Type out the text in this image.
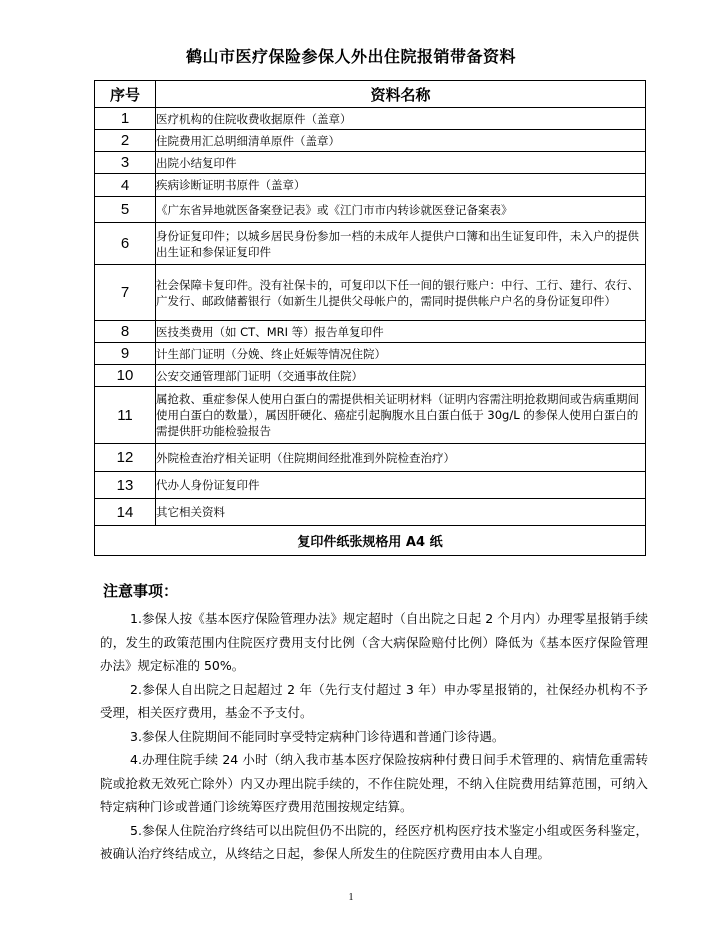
鹤山市医疗保险参保人外出住院报销带备资料
序号	资料名称
1	医疗机构的住院收费收据原件（盖章）
2	住院费用汇总明细清单原件（盖章）
3	出院小结复印件
4	疾病诊断证明书原件（盖章）
5	《广东省异地就医备案登记表》或《江门市市内转诊就医登记备案表》
6	身份证复印件；以城乡居民身份参加一档的未成年人提供户口簿和出生证复印件，未入户的提供出生证和参保证复印件
7	社会保障卡复印件。没有社保卡的，可复印以下任一间的银行账户：中行、工行、建行、农行、广发行、邮政储蓄银行（如新生儿提供父母帐户的，需同时提供帐户户名的身份证复印件）
8	医技类费用（如 CT、MRI 等）报告单复印件
9	计生部门证明（分娩、终止妊娠等情况住院）
10	公安交通管理部门证明（交通事故住院）
11	属抢救、重症参保人使用白蛋白的需提供相关证明材料（证明内容需注明抢救期间或告病重期间使用白蛋白的数量），属因肝硬化、癌症引起胸腹水且白蛋白低于 30g/L 的参保人使用白蛋白的需提供肝功能检验报告
12	外院检查治疗相关证明（住院期间经批准到外院检查治疗）
13	代办人身份证复印件
14	其它相关资料
复印件纸张规格用 A4 纸	
注意事项：

1.参保人按《基本医疗保险管理办法》规定超时（自出院之日起 2 个月内）办理零星报销手续的，发生的政策范围内住院医疗费用支付比例（含大病保险赔付比例）降低为《基本医疗保险管理办法》规定标准的 50%。

2.参保人自出院之日起超过 2 年（先行支付超过 3 年）申办零星报销的，社保经办机构不予受理，相关医疗费用，基金不予支付。

3.参保人住院期间不能同时享受特定病种门诊待遇和普通门诊待遇。

4.办理住院手续 24 小时（纳入我市基本医疗保险按病种付费日间手术管理的、病情危重需转院或抢救无效死亡除外）内又办理出院手续的，不作住院处理，不纳入住院费用结算范围，可纳入特定病种门诊或普通门诊统筹医疗费用范围按规定结算。

5.参保人住院治疗终结可以出院但仍不出院的，经医疗机构医疗技术鉴定小组或医务科鉴定，被确认治疗终结成立，从终结之日起，参保人所发生的住院医疗费用由本人自理。

1
